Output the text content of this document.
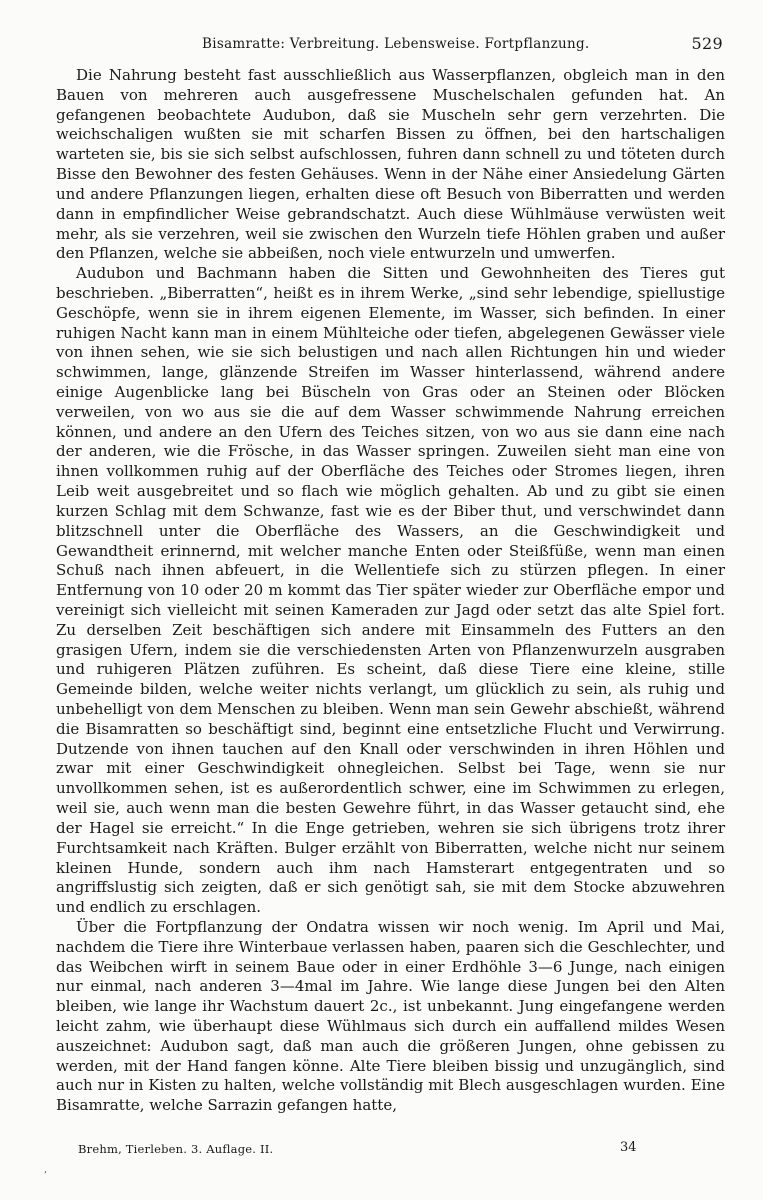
Bisamratte: Verbreitung. Lebensweise. Fortpflanzung.	529

Die Nahrung besteht fast ausschließlich aus Wasserpflanzen, obgleich man in den Bauen von mehreren auch ausgefressene Muschelschalen gefunden hat. An gefangenen beobachtete Audubon, daß sie Muscheln sehr gern verzehrten. Die weichschaligen wußten sie mit scharfen Bissen zu öffnen, bei den hartschaligen warteten sie, bis sie sich selbst aufschlossen, fuhren dann schnell zu und töteten durch Bisse den Bewohner des festen Gehäuses. Wenn in der Nähe einer Ansiedelung Gärten und andere Pflanzungen liegen, erhalten diese oft Besuch von Biberratten und werden dann in empfindlicher Weise gebrandschatzt. Auch diese Wühlmäuse verwüsten weit mehr, als sie verzehren, weil sie zwischen den Wurzeln tiefe Höhlen graben und außer den Pflanzen, welche sie abbeißen, noch viele entwurzeln und umwerfen.

Audubon und Bachmann haben die Sitten und Gewohnheiten des Tieres gut beschrieben. „Biberratten“, heißt es in ihrem Werke, „sind sehr lebendige, spiellustige Geschöpfe, wenn sie in ihrem eigenen Elemente, im Wasser, sich befinden. In einer ruhigen Nacht kann man in einem Mühlteiche oder tiefen, abgelegenen Gewässer viele von ihnen sehen, wie sie sich belustigen und nach allen Richtungen hin und wieder schwimmen, lange, glänzende Streifen im Wasser hinterlassend, während andere einige Augenblicke lang bei Büscheln von Gras oder an Steinen oder Blöcken verweilen, von wo aus sie die auf dem Wasser schwimmende Nahrung erreichen können, und andere an den Ufern des Teiches sitzen, von wo aus sie dann eine nach der anderen, wie die Frösche, in das Wasser springen. Zuweilen sieht man eine von ihnen vollkommen ruhig auf der Oberfläche des Teiches oder Stromes liegen, ihren Leib weit ausgebreitet und so flach wie möglich gehalten. Ab und zu gibt sie einen kurzen Schlag mit dem Schwanze, fast wie es der Biber thut, und verschwindet dann blitzschnell unter die Oberfläche des Wassers, an die Geschwindigkeit und Gewandtheit erinnernd, mit welcher manche Enten oder Steißfüße, wenn man einen Schuß nach ihnen abfeuert, in die Wellentiefe sich zu stürzen pflegen. In einer Entfernung von 10 oder 20 m kommt das Tier später wieder zur Oberfläche empor und vereinigt sich vielleicht mit seinen Kameraden zur Jagd oder setzt das alte Spiel fort. Zu derselben Zeit beschäftigen sich andere mit Einsammeln des Futters an den grasigen Ufern, indem sie die verschiedensten Arten von Pflanzenwurzeln ausgraben und ruhigeren Plätzen zuführen. Es scheint, daß diese Tiere eine kleine, stille Gemeinde bilden, welche weiter nichts verlangt, um glücklich zu sein, als ruhig und unbehelligt von dem Menschen zu bleiben. Wenn man sein Gewehr abschießt, während die Bisamratten so beschäftigt sind, beginnt eine entsetzliche Flucht und Verwirrung. Dutzende von ihnen tauchen auf den Knall oder verschwinden in ihren Höhlen und zwar mit einer Geschwindigkeit ohnegleichen. Selbst bei Tage, wenn sie nur unvollkommen sehen, ist es außerordentlich schwer, eine im Schwimmen zu erlegen, weil sie, auch wenn man die besten Gewehre führt, in das Wasser getaucht sind, ehe der Hagel sie erreicht.“ In die Enge getrieben, wehren sie sich übrigens trotz ihrer Furchtsamkeit nach Kräften. Bulger erzählt von Biberratten, welche nicht nur seinem kleinen Hunde, sondern auch ihm nach Hamsterart entgegentraten und so angriffslustig sich zeigten, daß er sich genötigt sah, sie mit dem Stocke abzuwehren und endlich zu erschlagen.

Über die Fortpflanzung der Ondatra wissen wir noch wenig. Im April und Mai, nachdem die Tiere ihre Winterbaue verlassen haben, paaren sich die Geschlechter, und das Weibchen wirft in seinem Baue oder in einer Erdhöhle 3—6 Junge, nach einigen nur einmal, nach anderen 3—4mal im Jahre. Wie lange diese Jungen bei den Alten bleiben, wie lange ihr Wachstum dauert 2c., ist unbekannt. Jung eingefangene werden leicht zahm, wie überhaupt diese Wühlmaus sich durch ein auffallend mildes Wesen auszeichnet: Audubon sagt, daß man auch die größeren Jungen, ohne gebissen zu werden, mit der Hand fangen könne. Alte Tiere bleiben bissig und unzugänglich, sind auch nur in Kisten zu halten, welche vollständig mit Blech ausgeschlagen wurden. Eine Bisamratte, welche Sarrazin gefangen hatte,

Brehm, Tierleben. 3. Auflage. II.	34
,
